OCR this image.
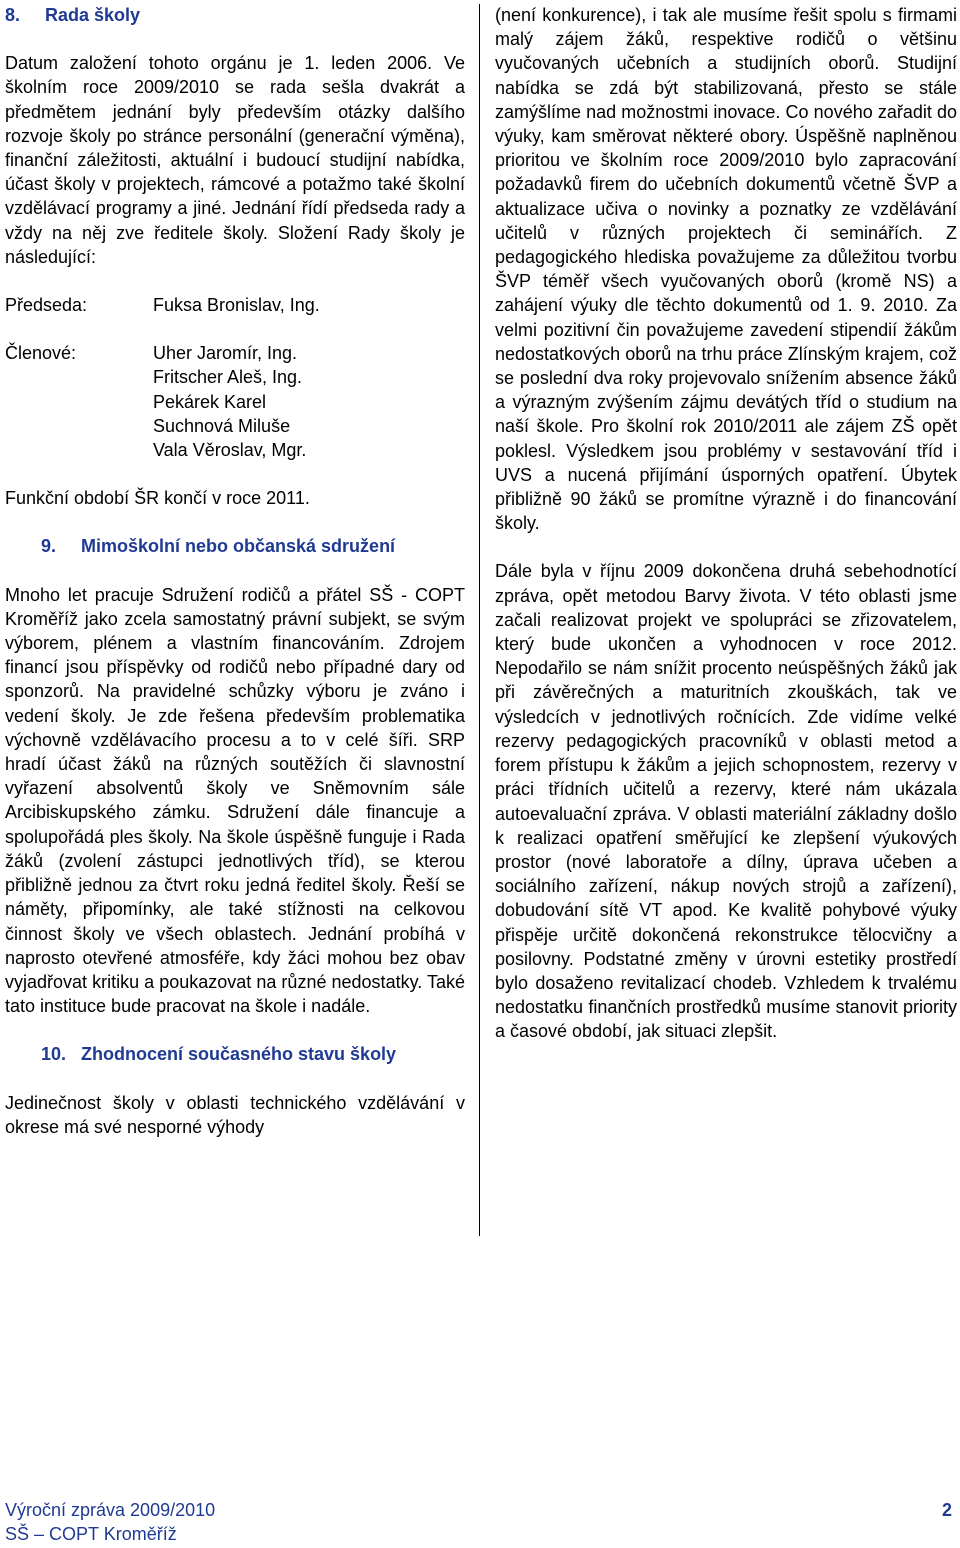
8. Rada školy

Datum založení tohoto orgánu je 1. leden 2006. Ve školním roce 2009/2010 se rada sešla dvakrát a předmětem jednání byly především otázky dalšího rozvoje školy po stránce personální (generační výměna), finanční záležitosti, aktuální i budoucí studijní nabídka, účast školy v projektech, rámcové a potažmo také školní vzdělávací programy a jiné. Jednání řídí předseda rady a vždy na něj zve ředitele školy. Složení Rady školy je následující:

Předseda:	Fuksa Bronislav, Ing.
Členové:	Uher Jaromír, Ing.
Fritscher Aleš, Ing.
Pekárek Karel
Suchnová Miluše
Vala Věroslav, Mgr.

Funkční období ŠR končí v roce 2011.

9. Mimoškolní nebo občanská sdružení

Mnoho let pracuje Sdružení rodičů a přátel SŠ - COPT Kroměříž jako zcela samostatný právní subjekt, se svým výborem, plénem a vlastním financováním. Zdrojem financí jsou příspěvky od rodičů nebo případné dary od sponzorů. Na pravidelné schůzky výboru je zváno i vedení školy. Je zde řešena především problematika výchovně vzdělávacího procesu a to v celé šíři. SRP hradí účast žáků na různých soutěžích či slavnostní vyřazení absolventů školy ve Sněmovním sále Arcibiskupského zámku. Sdružení dále financuje a spolupořádá ples školy. Na škole úspěšně funguje i Rada žáků (zvolení zástupci jednotlivých tříd), se kterou přibližně jednou za čtvrt roku jedná ředitel školy. Řeší se náměty, připomínky, ale také stížnosti na celkovou činnost školy ve všech oblastech. Jednání probíhá v naprosto otevřené atmosféře, kdy žáci mohou bez obav vyjadřovat kritiku a poukazovat na různé nedostatky. Také tato instituce bude pracovat na škole i nadále.

10. Zhodnocení současného stavu školy

Jedinečnost školy v oblasti technického vzdělávání v okrese má své nesporné výhody

(není konkurence), i tak ale musíme řešit spolu s firmami malý zájem žáků, respektive rodičů o většinu vyučovaných učebních a studijních oborů. Studijní nabídka se zdá být stabilizovaná, přesto se stále zamýšlíme nad možnostmi inovace. Co nového zařadit do výuky, kam směrovat některé obory. Úspěšně naplněnou prioritou ve školním roce 2009/2010 bylo zapracování požadavků firem do učebních dokumentů včetně ŠVP a aktualizace učiva o novinky a poznatky ze vzdělávání učitelů v různých projektech či seminářích. Z pedagogického hlediska považujeme za důležitou tvorbu ŠVP téměř všech vyučovaných oborů (kromě NS) a zahájení výuky dle těchto dokumentů od 1. 9. 2010. Za velmi pozitivní čin považujeme zavedení stipendií žákům nedostatkových oborů na trhu práce Zlínským krajem, což se poslední dva roky projevovalo snížením absence žáků a výrazným zvýšením zájmu devátých tříd o studium na naší škole. Pro školní rok 2010/2011 ale zájem ZŠ opět poklesl. Výsledkem jsou problémy v sestavování tříd i UVS a nucená přijímání úsporných opatření. Úbytek přibližně 90 žáků se promítne výrazně i do financování školy.

Dále byla v říjnu 2009 dokončena druhá sebehodnotící zpráva, opět metodou Barvy života. V této oblasti jsme začali realizovat projekt ve spolupráci se zřizovatelem, který bude ukončen a vyhodnocen v roce 2012. Nepodařilo se nám snížit procento neúspěšných žáků jak při závěrečných a maturitních zkouškách, tak ve výsledcích v jednotlivých ročnících. Zde vidíme velké rezervy pedagogických pracovníků v oblasti metod a forem přístupu k žákům a jejich schopnostem, rezervy v práci třídních učitelů a rezervy, které nám ukázala autoevaluační zpráva. V oblasti materiální základny došlo k realizaci opatření směřující ke zlepšení výukových prostor (nové laboratoře a dílny, úprava učeben a sociálního zařízení, nákup nových strojů a zařízení), dobudování sítě VT apod. Ke kvalitě pohybové výuky přispěje určitě dokončená rekonstrukce tělocvičny a posilovny. Podstatné změny v úrovni estetiky prostředí bylo dosaženo revitalizací chodeb. Vzhledem k trvalému nedostatku finančních prostředků musíme stanovit priority a časové období, jak situaci zlepšit.

Výroční zpráva 2009/2010
SŠ – COPT Kroměříž
2
